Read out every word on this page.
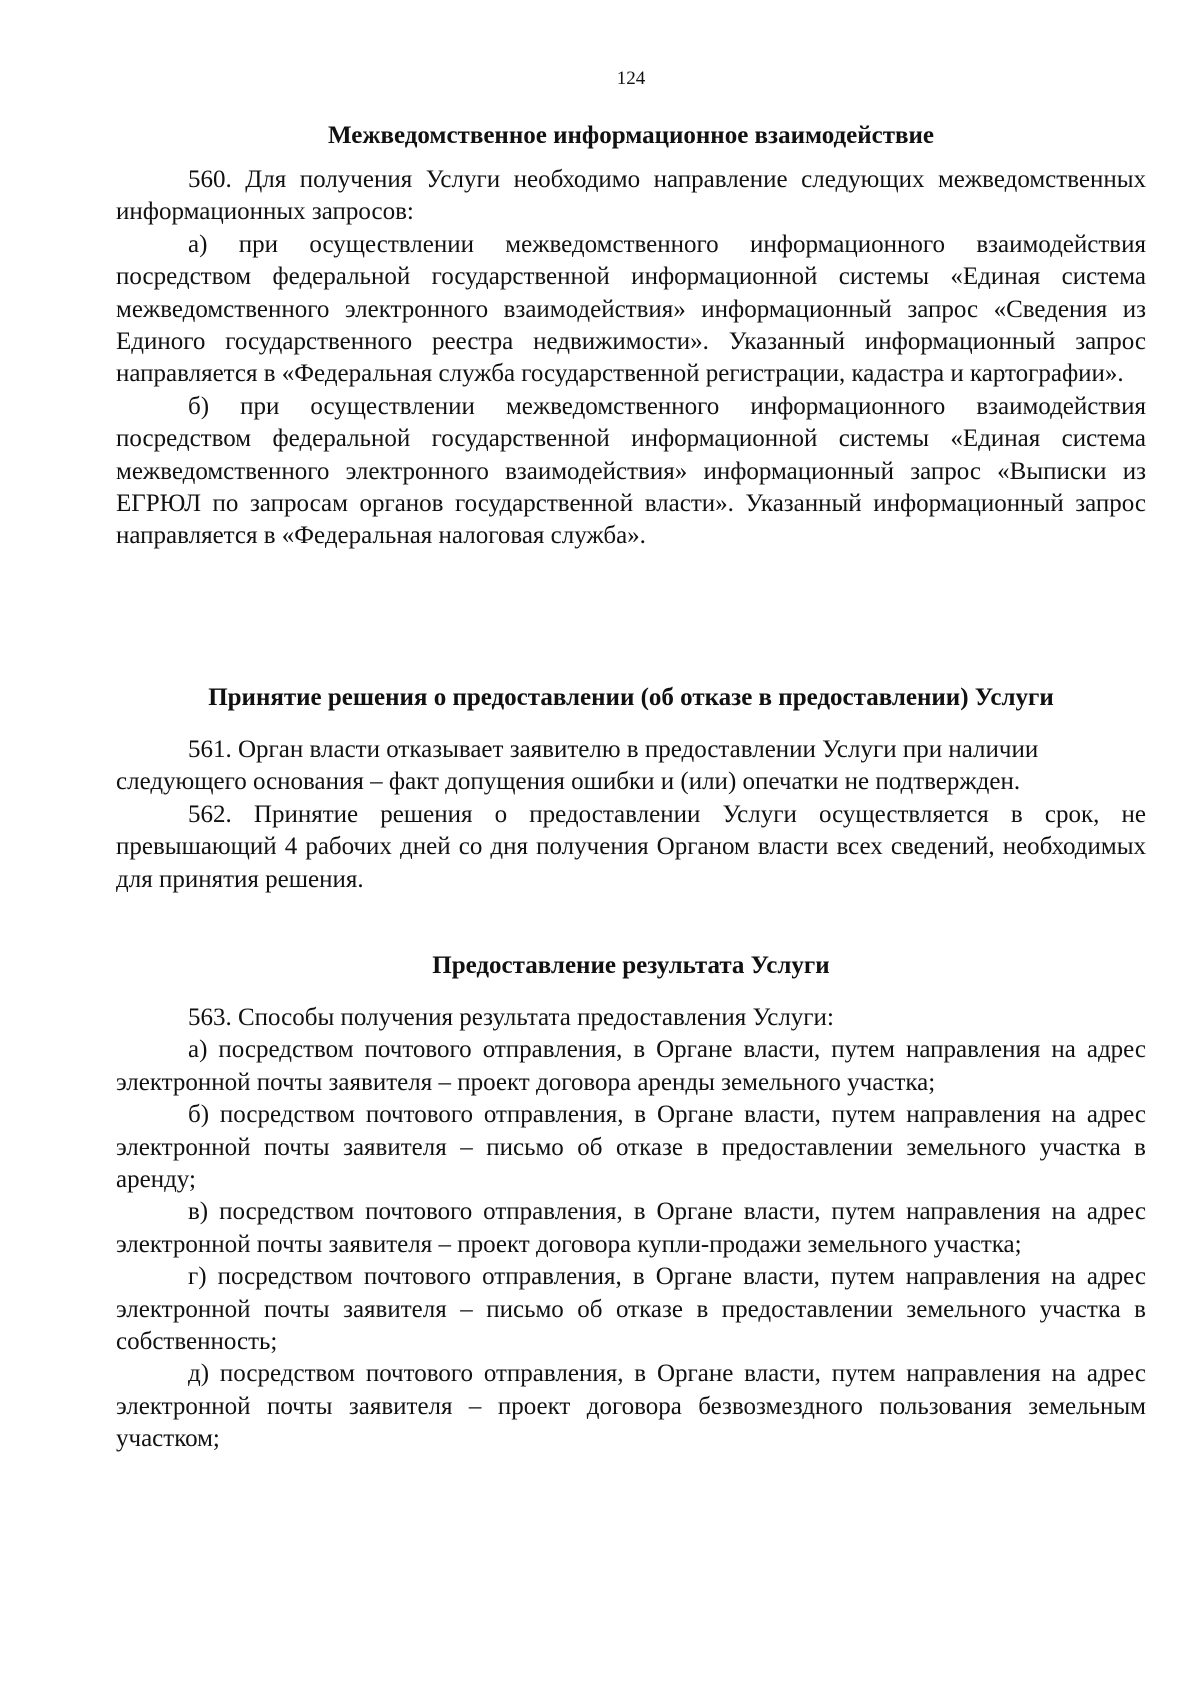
124
Межведомственное информационное взаимодействие

560. Для получения Услуги необходимо направление следующих межведомственных информационных запросов:

а) при осуществлении межведомственного информационного взаимодействия посредством федеральной государственной информационной системы «Единая система межведомственного электронного взаимодействия» информационный запрос «Сведения из Единого государственного реестра недвижимости». Указанный информационный запрос направляется в «Федеральная служба государственной регистрации, кадастра и картографии».

б) при осуществлении межведомственного информационного взаимодействия посредством федеральной государственной информационной системы «Единая система межведомственного электронного взаимодействия» информационный запрос «Выписки из ЕГРЮЛ по запросам органов государственной власти». Указанный информационный запрос направляется в «Федеральная налоговая служба».

Принятие решения о предоставлении (об отказе в предоставлении) Услуги

561. Орган власти отказывает заявителю в предоставлении Услуги при наличии следующего основания – факт допущения ошибки и (или) опечатки не подтвержден.

562. Принятие решения о предоставлении Услуги осуществляется в срок, не превышающий 4 рабочих дней со дня получения Органом власти всех сведений, необходимых для принятия решения.

Предоставление результата Услуги

563. Способы получения результата предоставления Услуги:

а) посредством почтового отправления, в Органе власти, путем направления на адрес электронной почты заявителя – проект договора аренды земельного участка;

б) посредством почтового отправления, в Органе власти, путем направления на адрес электронной почты заявителя – письмо об отказе в предоставлении земельного участка в аренду;

в) посредством почтового отправления, в Органе власти, путем направления на адрес электронной почты заявителя – проект договора купли-продажи земельного участка;

г) посредством почтового отправления, в Органе власти, путем направления на адрес электронной почты заявителя – письмо об отказе в предоставлении земельного участка в собственность;

д) посредством почтового отправления, в Органе власти, путем направления на адрес электронной почты заявителя – проект договора безвозмездного пользования земельным участком;
